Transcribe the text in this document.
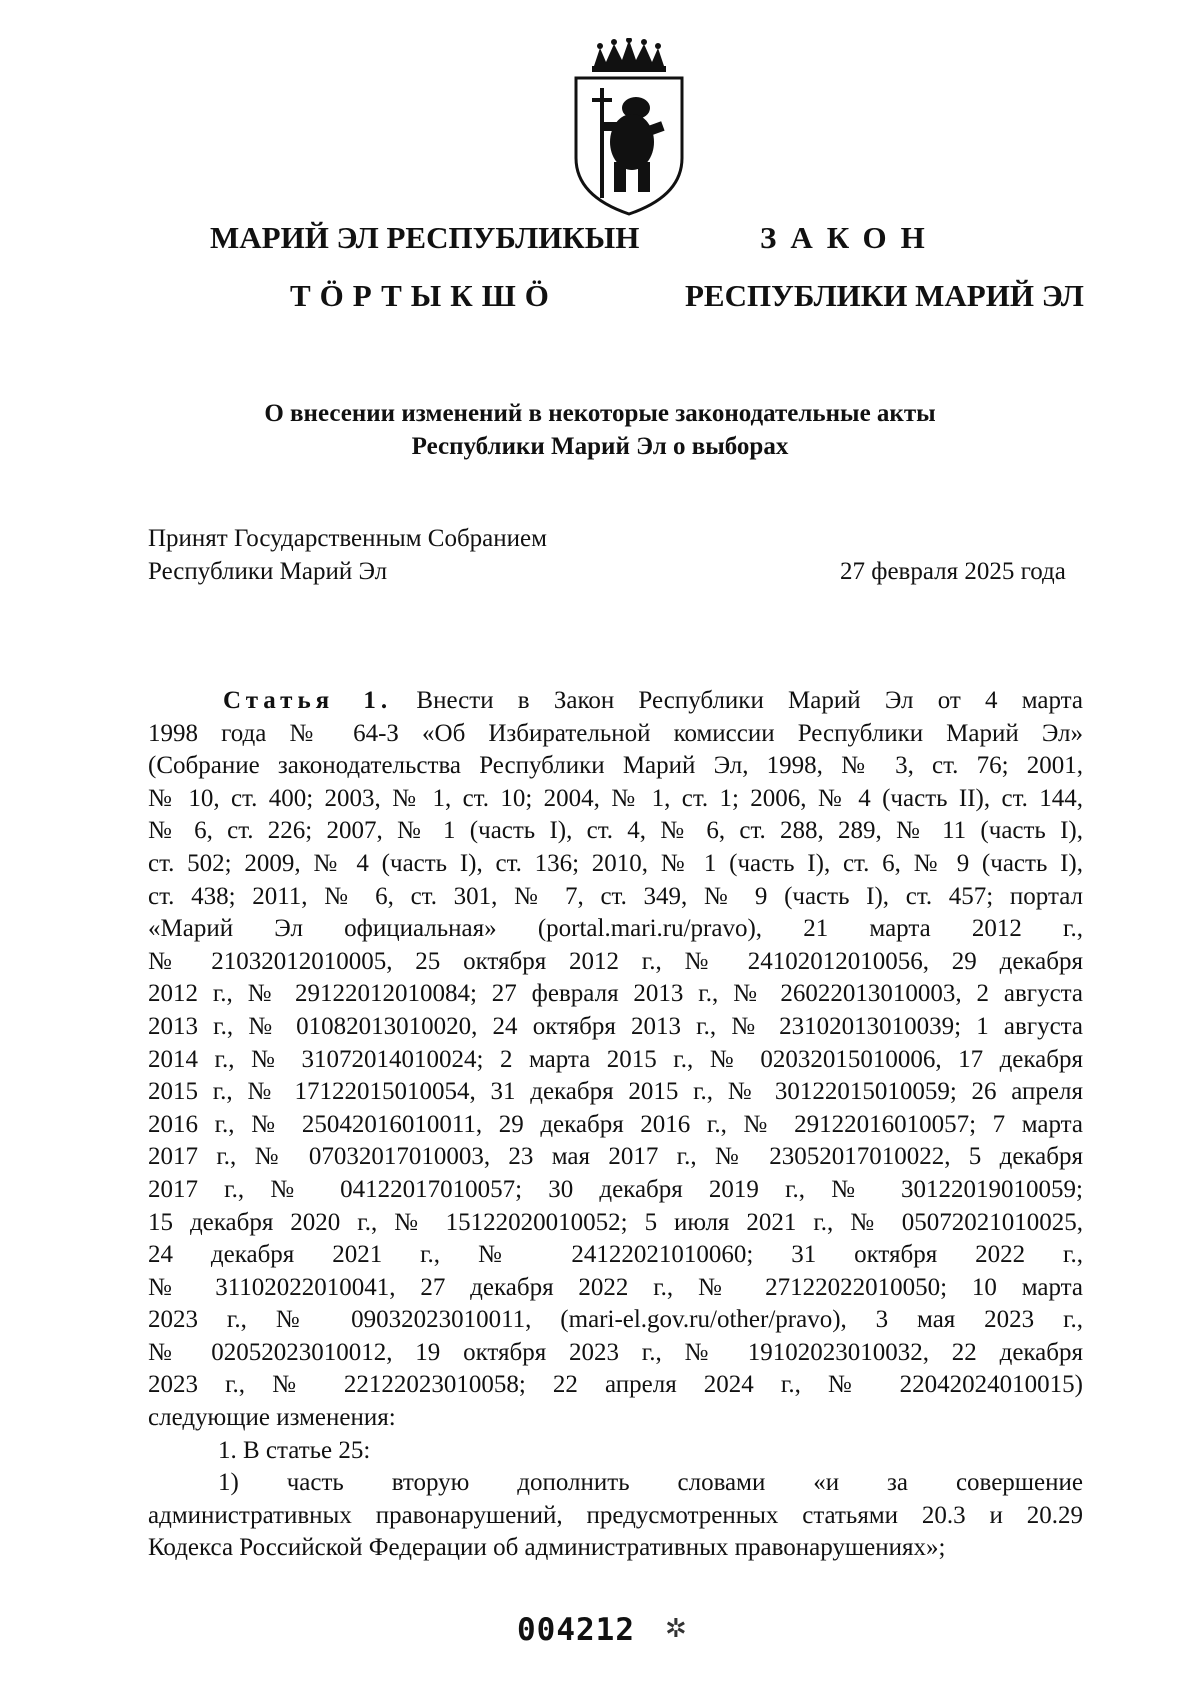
МАРИЙ ЭЛ РЕСПУБЛИКЫН
ТӦРТЫКШӦ
ЗАКОН
РЕСПУБЛИКИ МАРИЙ ЭЛ
О внесении изменений в некоторые законодательные акты
Республики Марий Эл о выборах
Принят Государственным Собранием
Республики Марий Эл	27 февраля 2025 года
Статья 1. Внести в Закон Республики Марий Эл от 4 марта
1998 года № 64-З «Об Избирательной комиссии Республики Марий Эл»
(Собрание законодательства Республики Марий Эл, 1998, № 3, ст. 76; 2001,
№ 10, ст. 400; 2003, № 1, ст. 10; 2004, № 1, ст. 1; 2006, № 4 (часть II), ст. 144,
№ 6, ст. 226; 2007, № 1 (часть I), ст. 4, № 6, ст. 288, 289, № 11 (часть I),
ст. 502; 2009, № 4 (часть I), ст. 136; 2010, № 1 (часть I), ст. 6, № 9 (часть I),
ст. 438; 2011, № 6, ст. 301, № 7, ст. 349, № 9 (часть I), ст. 457; портал
«Марий Эл официальная» (portal.mari.ru/pravo), 21 марта 2012 г.,
№ 21032012010005, 25 октября 2012 г., № 24102012010056, 29 декабря
2012 г., № 29122012010084; 27 февраля 2013 г., № 26022013010003, 2 августа
2013 г., № 01082013010020, 24 октября 2013 г., № 23102013010039; 1 августа
2014 г., № 31072014010024; 2 марта 2015 г., № 02032015010006, 17 декабря
2015 г., № 17122015010054, 31 декабря 2015 г., № 30122015010059; 26 апреля
2016 г., № 25042016010011, 29 декабря 2016 г., № 29122016010057; 7 марта
2017 г., № 07032017010003, 23 мая 2017 г., № 23052017010022, 5 декабря
2017 г., № 04122017010057; 30 декабря 2019 г., № 30122019010059;
15 декабря 2020 г., № 15122020010052; 5 июля 2021 г., № 05072021010025,
24 декабря 2021 г., № 24122021010060; 31 октября 2022 г.,
№ 31102022010041, 27 декабря 2022 г., № 27122022010050; 10 марта
2023 г., № 09032023010011, (mari-el.gov.ru/other/pravo), 3 мая 2023 г.,
№ 02052023010012, 19 октября 2023 г., № 19102023010032, 22 декабря
2023 г., № 22122023010058; 22 апреля 2024 г., № 22042024010015)
следующие изменения:
1. В статье 25:
1) часть вторую дополнить словами «и за совершение
административных правонарушений, предусмотренных статьями 20.3 и 20.29
Кодекса Российской Федерации об административных правонарушениях»;
004212 ✲
